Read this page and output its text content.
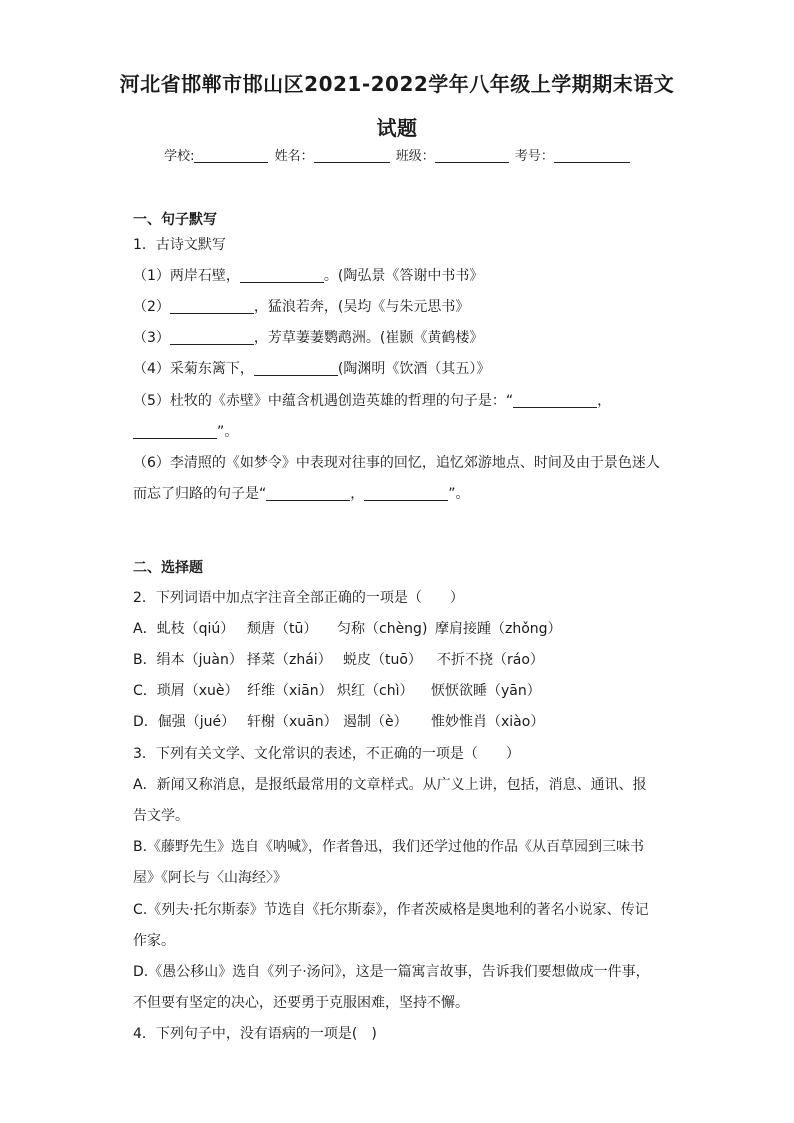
河北省邯郸市邯山区2021-2022学年八年级上学期期末语文
试题
学校:	姓名：	班级：	考号：
一、句子默写
1．古诗文默写
（1）两岸石壁，	。(陶弘景《答谢中书书》
（2）	，猛浪若奔，(吴均《与朱元思书》
（3）	，芳草萋萋鹦鹉洲。(崔颢《黄鹤楼》
（4）采菊东篱下，	(陶渊明《饮酒（其五）》
（5）杜牧的《赤壁》中蕴含机遇创造英雄的哲理的句子是：“	，
”。
（6）李清照的《如梦令》中表现对往事的回忆，追忆郊游地点、时间及由于景色迷人
而忘了归路的句子是“	，	”。
二、选择题
2．下列词语中加点字注音全部正确的一项是（　　）
A．虬枝（qiú） 颓唐（tū） 匀称（chèng) 摩肩接踵（zhǒng）
B．绢本（juàn） 择菜（zhái） 蜕皮（tuō） 不折不挠（ráo）
C．琐屑（xuè） 纤维（xiān） 炽红（chì） 恹恹欲睡（yān）
D．倔强（jué） 轩榭（xuān） 遏制（è） 惟妙惟肖（xiào）
3．下列有关文学、文化常识的表述，不正确的一项是（　　）
A．新闻又称消息，是报纸最常用的文章样式。从广义上讲，包括，消息、通讯、报
告文学。
B.《藤野先生》选自《呐喊》，作者鲁迅，我们还学过他的作品《从百草园到三味书
屋》《阿长与〈山海经〉》
C.《列夫·托尔斯泰》节选自《托尔斯泰》，作者茨威格是奥地利的著名小说家、传记
作家。
D.《愚公移山》选自《列子·汤问》，这是一篇寓言故事，告诉我们要想做成一件事，
不但要有坚定的决心，还要勇于克服困难，坚持不懈。
4．下列句子中，没有语病的一项是(　)
